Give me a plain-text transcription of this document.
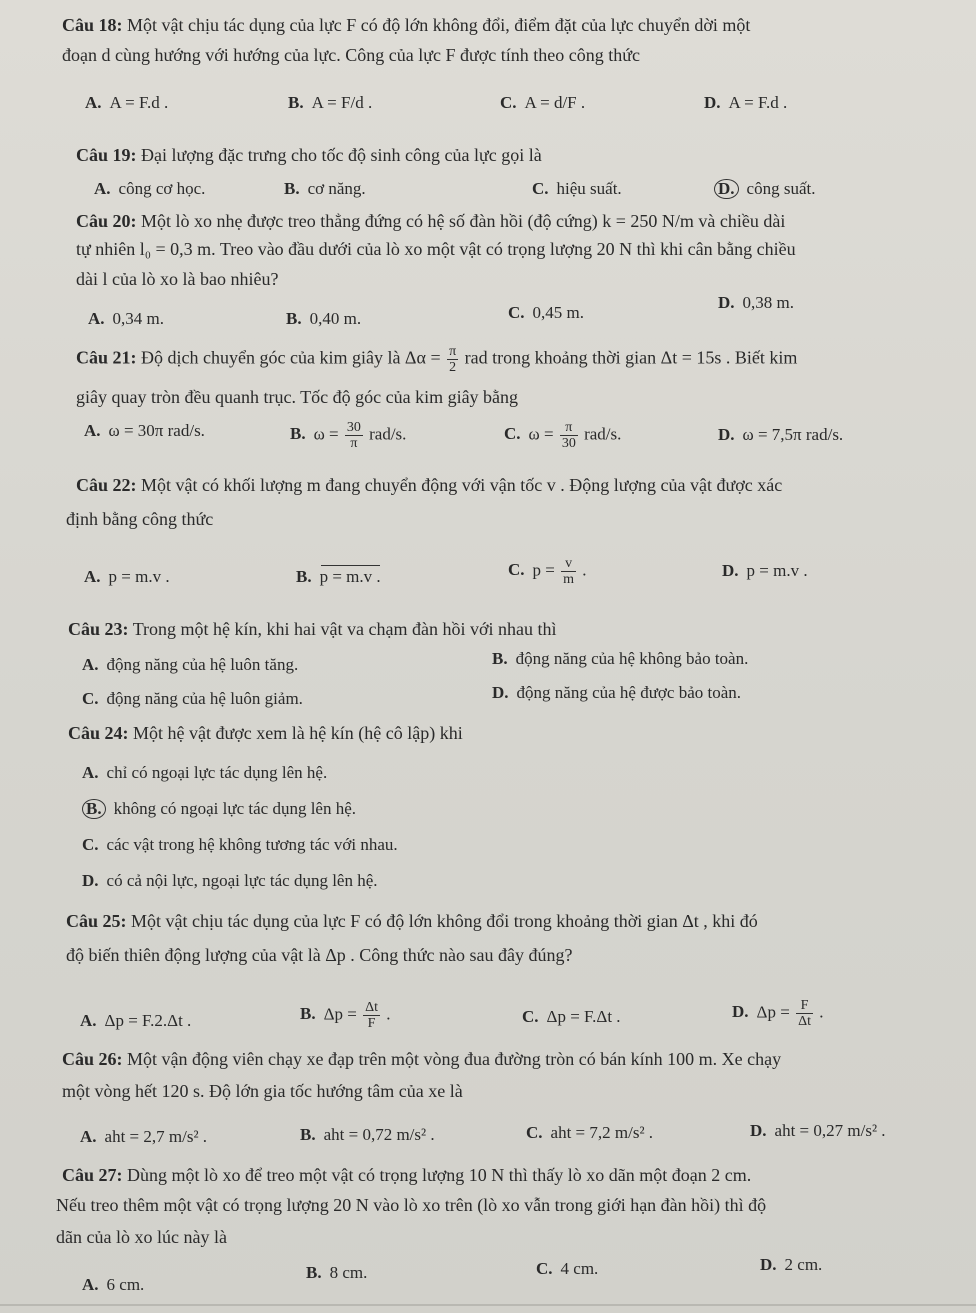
Câu 18: Một vật chịu tác dụng của lực F có độ lớn không đổi, điểm đặt của lực chuyển dời một
đoạn d cùng hướng với hướng của lực. Công của lực F được tính theo công thức
A. A = F.d .	B. A = F/d .	C. A = d/F .	D. A = F.d .
Câu 19: Đại lượng đặc trưng cho tốc độ sinh công của lực gọi là
A. công cơ học.	B. cơ năng.	C. hiệu suất.	D. công suất.
Câu 20: Một lò xo nhẹ được treo thẳng đứng có hệ số đàn hồi (độ cứng) k = 250 N/m và chiều dài
tự nhiên l₀ = 0,3 m. Treo vào đầu dưới của lò xo một vật có trọng lượng 20 N thì khi cân bằng chiều
dài l của lò xo là bao nhiêu?
A. 0,34 m.	B. 0,40 m.	C. 0,45 m.
D. 0,38 m.
Câu 21: Độ dịch chuyển góc của kim giây là $\Delta\alpha = \frac{\pi}{2}$ rad trong khoảng thời gian Δt = 15s . Biết kim
giây quay tròn đều quanh trục. Tốc độ góc của kim giây bằng
A. ω = 30π rad/s.	B. $\omega = \frac{30}{\pi} rad/s$.	C. $\omega = \frac{\pi}{30} rad/s$.	D. ω = 7,5π rad/s.
Câu 22: Một vật có khối lượng m đang chuyển động với vận tốc v . Động lượng của vật được xác
định bằng công thức
A. p = m.v .	B. p = m.v .	C. $p = \frac{v}{m}$ .	D. p = m.v .
Câu 23: Trong một hệ kín, khi hai vật va chạm đàn hồi với nhau thì
A. động năng của hệ luôn tăng.	B. động năng của hệ không bảo toàn.
C. động năng của hệ luôn giảm.	D. động năng của hệ được bảo toàn.
Câu 24: Một hệ vật được xem là hệ kín (hệ cô lập) khi
A. chỉ có ngoại lực tác dụng lên hệ.
B. không có ngoại lực tác dụng lên hệ.
C. các vật trong hệ không tương tác với nhau.
D. có cả nội lực, ngoại lực tác dụng lên hệ.
Câu 25: Một vật chịu tác dụng của lực F có độ lớn không đổi trong khoảng thời gian Δt , khi đó
độ biến thiên động lượng của vật là Δp . Công thức nào sau đây đúng?
A. Δp = F.2.Δt .	B. $\Delta p = \frac{\Delta t}{F}$ .	C. Δp = F.Δt .	D. $\Delta p = \frac{F}{\Delta t}$ .
Câu 26: Một vận động viên chạy xe đạp trên một vòng đua đường tròn có bán kính 100 m. Xe chạy
một vòng hết 120 s. Độ lớn gia tốc hướng tâm của xe là
A. aht = 2,7 m/s² .	B. aht = 0,72 m/s² .	C. aht = 7,2 m/s² .	D. aht = 0,27 m/s² .
Câu 27: Dùng một lò xo để treo một vật có trọng lượng 10 N thì thấy lò xo dãn một đoạn 2 cm.
Nếu treo thêm một vật có trọng lượng 20 N vào lò xo trên (lò xo vẫn trong giới hạn đàn hồi) thì độ
dãn của lò xo lúc này là
A. 6 cm.
B. 8 cm.	C. 4 cm.	D. 2 cm.
